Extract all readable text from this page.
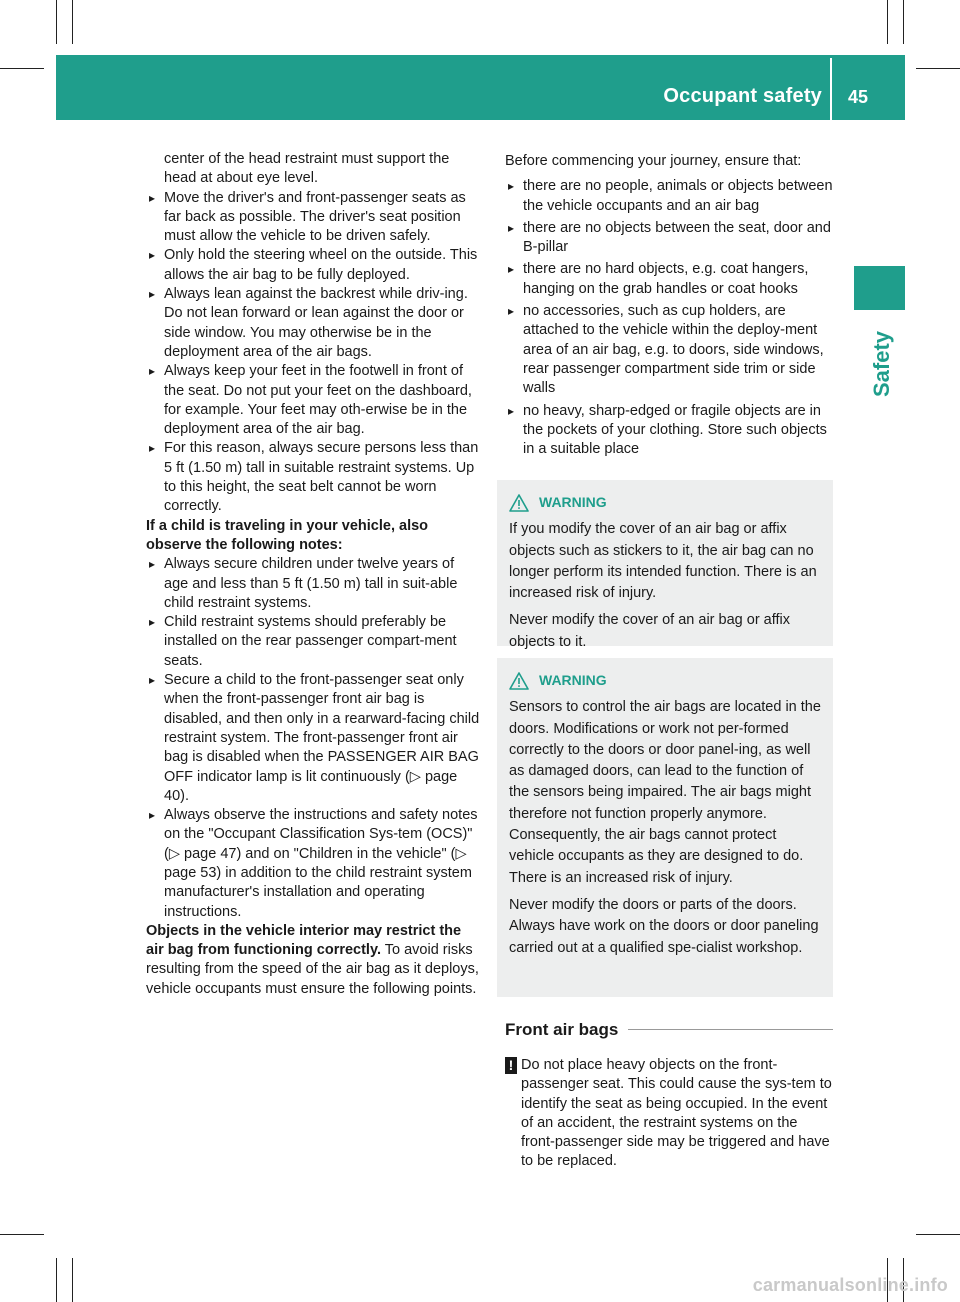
Occupant safety 45
Safety

center of the head restraint must support the head at about eye level.

▸ Move the driver's and front-passenger seats as far back as possible. The driver's seat position must allow the vehicle to be driven safely.
▸ Only hold the steering wheel on the outside. This allows the air bag to be fully deployed.
▸ Always lean against the backrest while driv-ing. Do not lean forward or lean against the door or side window. You may otherwise be in the deployment area of the air bags.
▸ Always keep your feet in the footwell in front of the seat. Do not put your feet on the dashboard, for example. Your feet may oth-erwise be in the deployment area of the air bag.
▸ For this reason, always secure persons less than 5 ft (1.50 m) tall in suitable restraint systems. Up to this height, the seat belt cannot be worn correctly.

If a child is traveling in your vehicle, also observe the following notes:

▸ Always secure children under twelve years of age and less than 5 ft (1.50 m) tall in suit-able child restraint systems.
▸ Child restraint systems should preferably be installed on the rear passenger compart-ment seats.
▸ Secure a child to the front-passenger seat only when the front-passenger front air bag is disabled, and then only in a rearward-facing child restraint system. The front-passenger front air bag is disabled when the PASSENGER AIR BAG OFF indicator lamp is lit continuously (▷ page 40).
▸ Always observe the instructions and safety notes on the "Occupant Classification Sys-tem (OCS)" (▷ page 47) and on "Children in the vehicle" (▷ page 53) in addition to the child restraint system manufacturer's installation and operating instructions.

Objects in the vehicle interior may restrict the air bag from functioning correctly. To avoid risks resulting from the speed of the air bag as it deploys, vehicle occupants must ensure the following points.

Before commencing your journey, ensure that:

▸ there are no people, animals or objects between the vehicle occupants and an air bag
▸ there are no objects between the seat, door and B-pillar
▸ there are no hard objects, e.g. coat hangers, hanging on the grab handles or coat hooks
▸ no accessories, such as cup holders, are attached to the vehicle within the deploy-ment area of an air bag, e.g. to doors, side windows, rear passenger compartment side trim or side walls
▸ no heavy, sharp-edged or fragile objects are in the pockets of your clothing. Store such objects in a suitable place
WARNING

If you modify the cover of an air bag or affix objects such as stickers to it, the air bag can no longer perform its intended function. There is an increased risk of injury.

Never modify the cover of an air bag or affix objects to it.

WARNING

Sensors to control the air bags are located in the doors. Modifications or work not per-formed correctly to the doors or door panel-ing, as well as damaged doors, can lead to the function of the sensors being impaired. The air bags might therefore not function properly anymore. Consequently, the air bags cannot protect vehicle occupants as they are designed to do. There is an increased risk of injury.

Never modify the doors or parts of the doors. Always have work on the doors or door paneling carried out at a qualified spe-cialist workshop.

Front air bags
! Do not place heavy objects on the front-passenger seat. This could cause the sys-tem to identify the seat as being occupied. In the event of an accident, the restraint systems on the front-passenger side may be triggered and have to be replaced.

carmanualsonline.info
